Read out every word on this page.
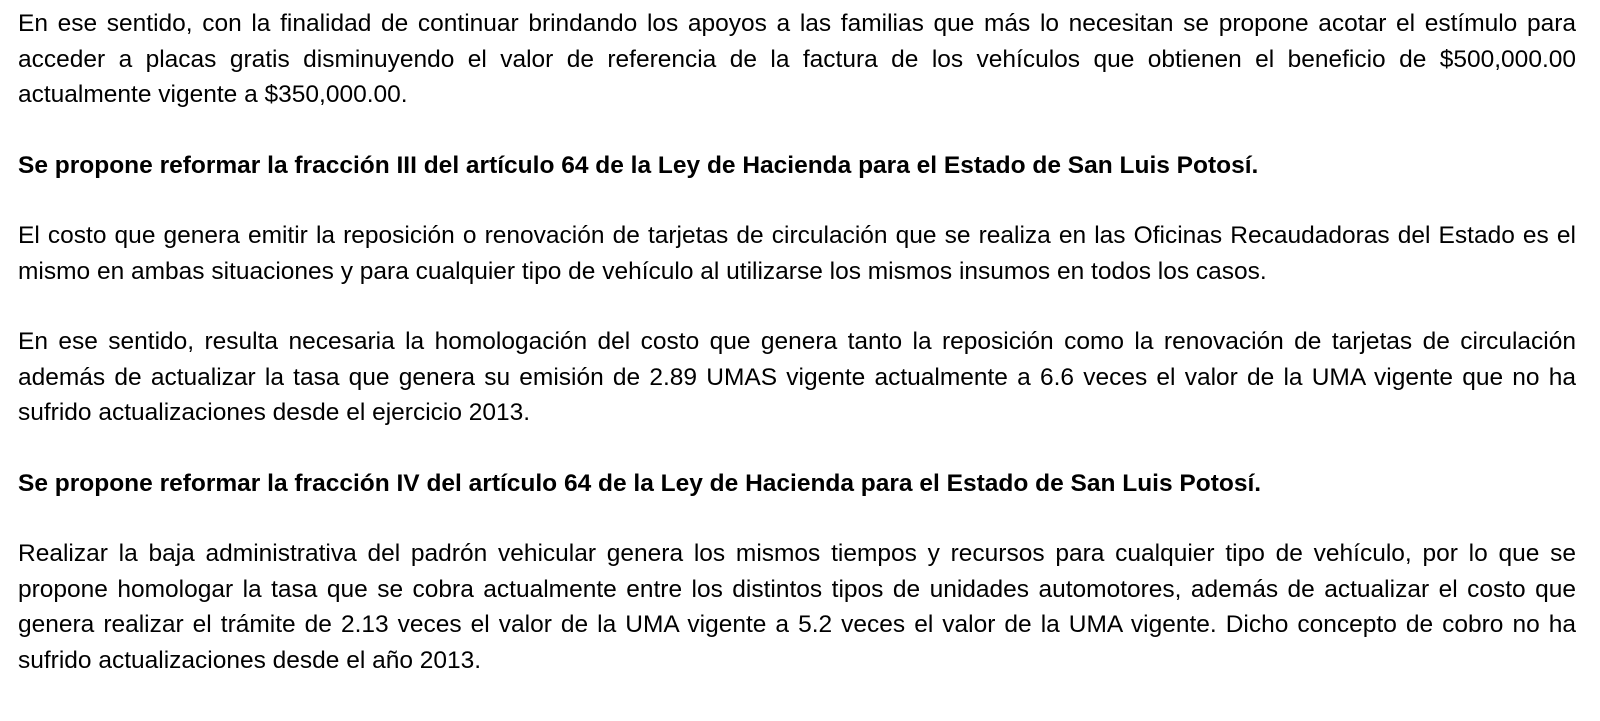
En ese sentido, con la finalidad de continuar brindando los apoyos a las familias que más lo necesitan se propone acotar el estímulo para acceder a placas gratis disminuyendo el valor de referencia de la factura de los vehículos que obtienen el beneficio de $500,000.00 actualmente vigente a $350,000.00.

Se propone reformar la fracción III del artículo 64 de la Ley de Hacienda para el Estado de San Luis Potosí.

El costo que genera emitir la reposición o renovación de tarjetas de circulación que se realiza en las Oficinas Recaudadoras del Estado es el mismo en ambas situaciones y para cualquier tipo de vehículo al utilizarse los mismos insumos en todos los casos.

En ese sentido, resulta necesaria la homologación del costo que genera tanto la reposición como la renovación de tarjetas de circulación además de actualizar la tasa que genera su emisión de 2.89 UMAS vigente actualmente a 6.6 veces el valor de la UMA vigente que no ha sufrido actualizaciones desde el ejercicio 2013.

Se propone reformar la fracción IV del artículo 64 de la Ley de Hacienda para el Estado de San Luis Potosí.

Realizar la baja administrativa del padrón vehicular genera los mismos tiempos y recursos para cualquier tipo de vehículo, por lo que se propone homologar la tasa que se cobra actualmente entre los distintos tipos de unidades automotores, además de actualizar el costo que genera realizar el trámite de 2.13 veces el valor de la UMA vigente a 5.2 veces el valor de la UMA vigente. Dicho concepto de cobro no ha sufrido actualizaciones desde el año 2013.
